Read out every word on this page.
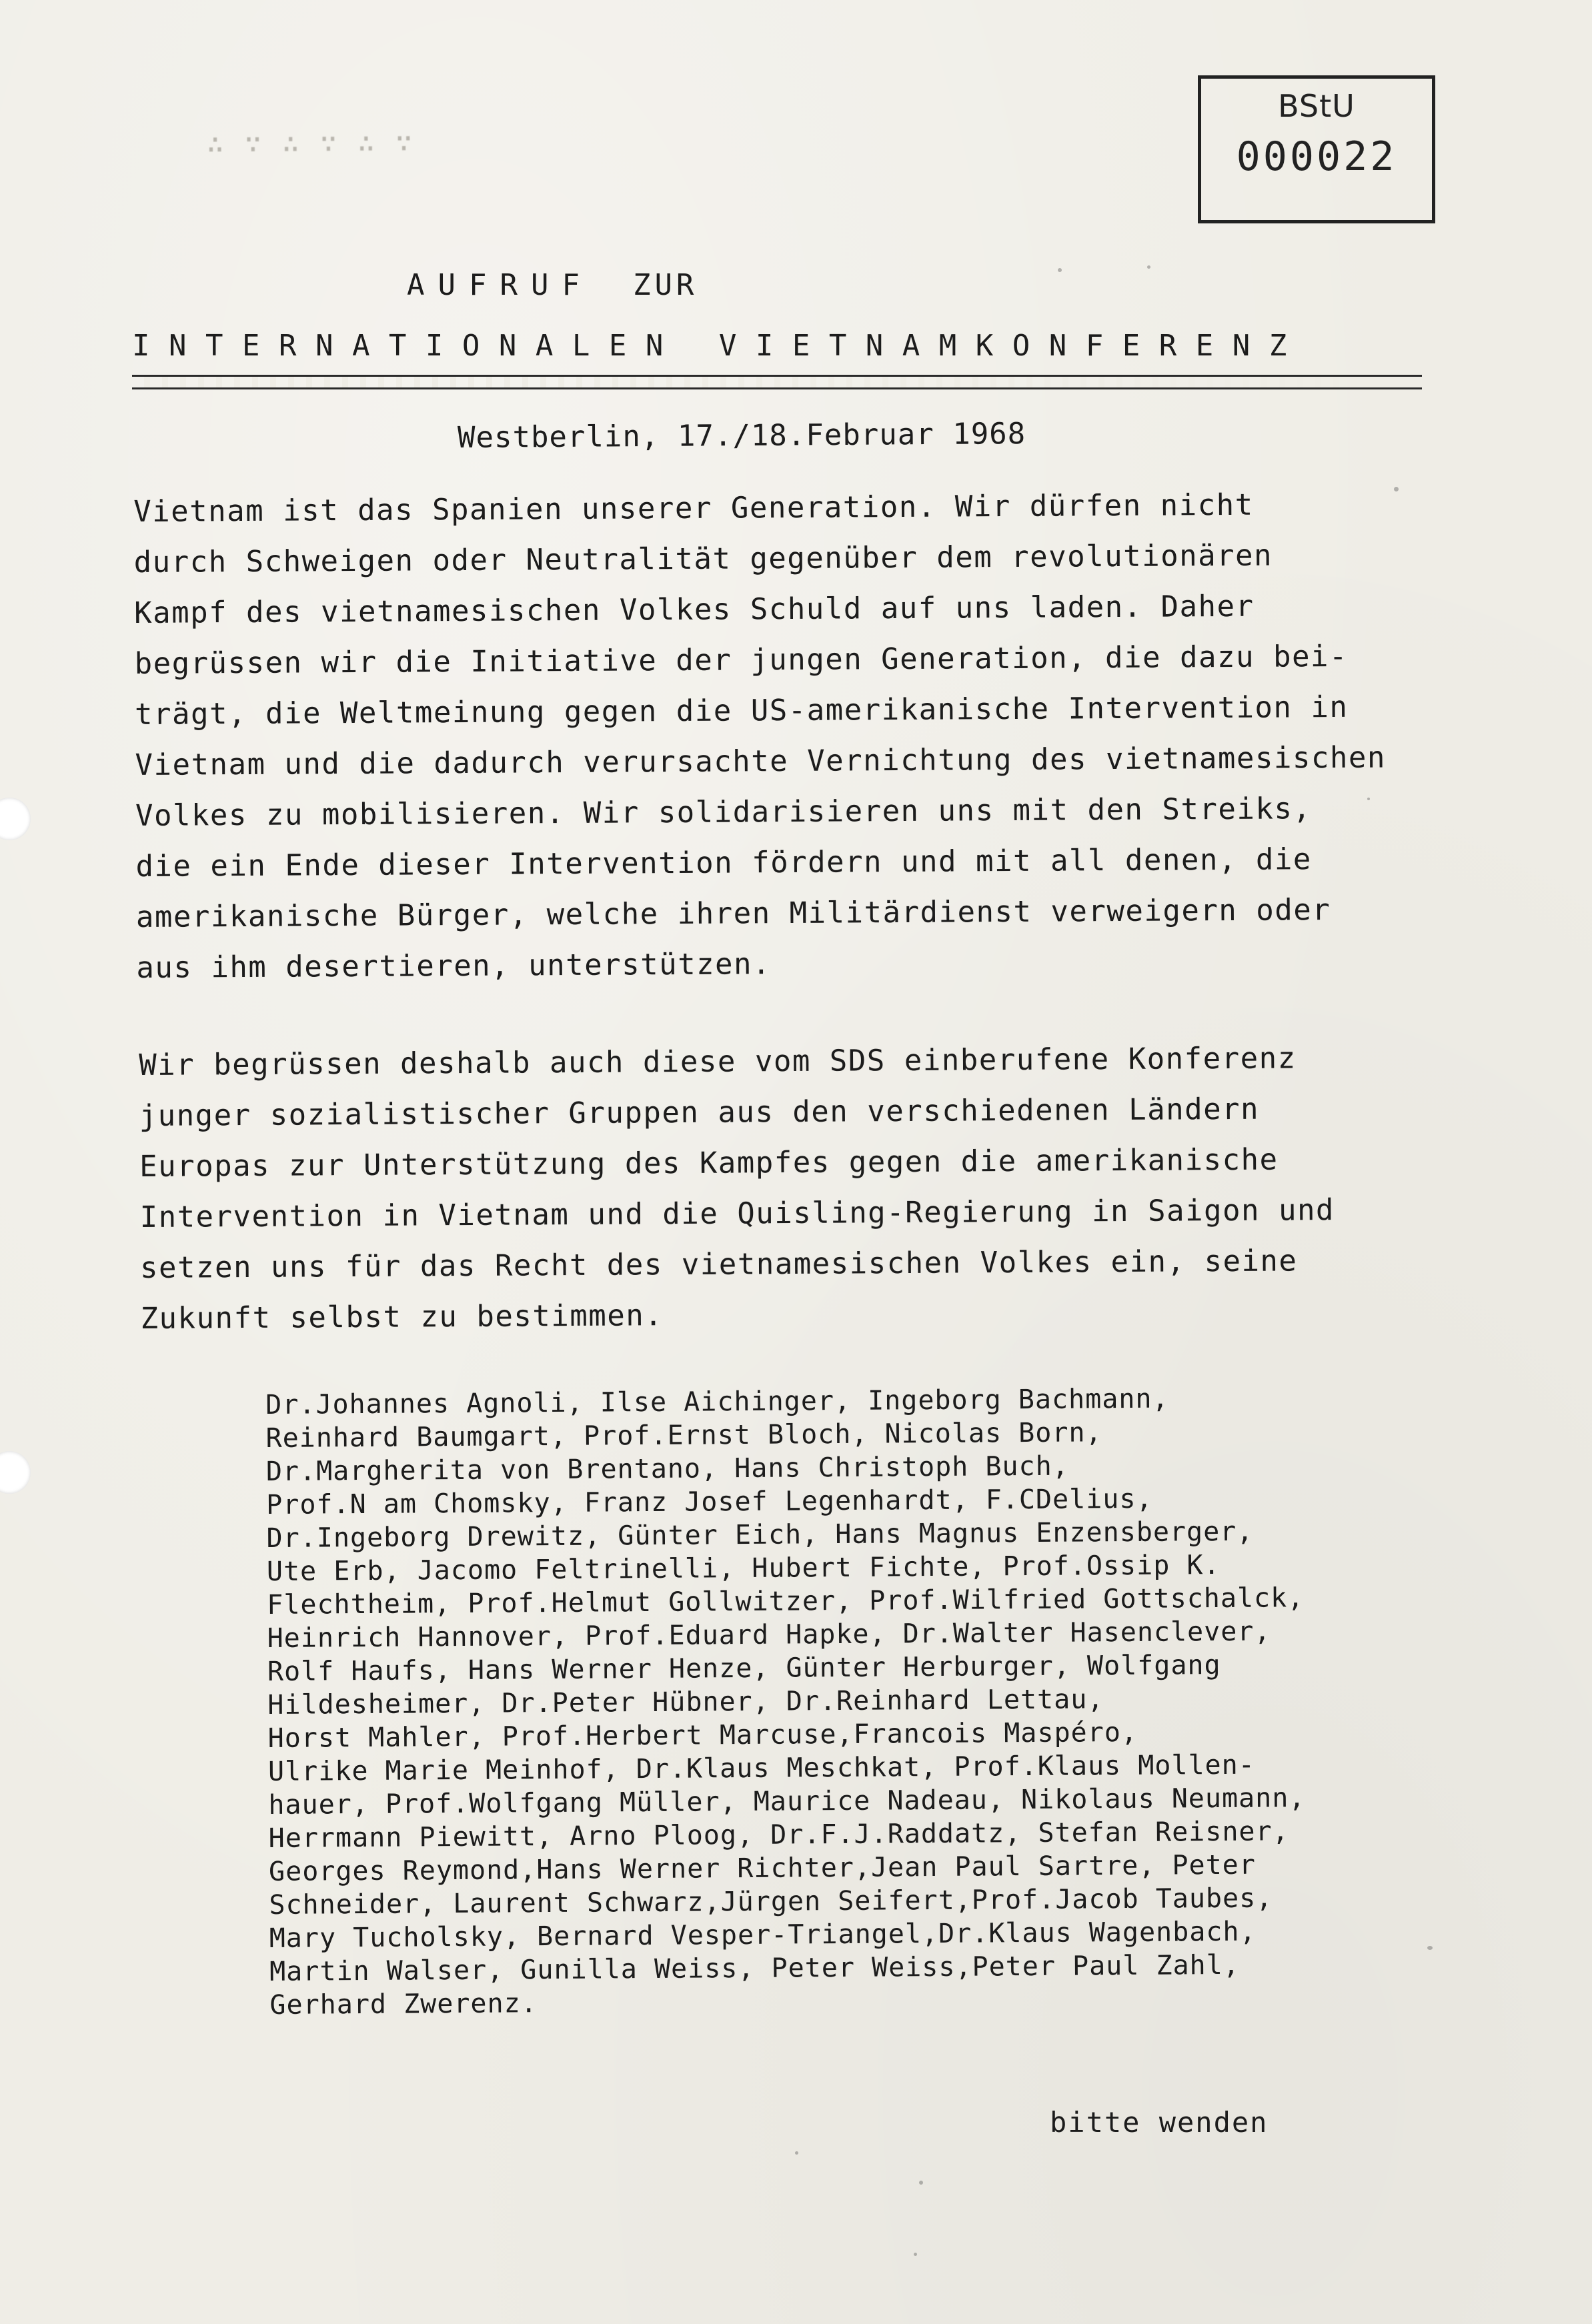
BStU
000022
∴ ∵ ∴ ∵ ∴ ∵
AUFRUF ZUR
INTERNATIONALEN VIETNAMKONFERENZ
Westberlin, 17./18.Februar 1968
Vietnam ist das Spanien unserer Generation. Wir dürfen nicht
durch Schweigen oder Neutralität gegenüber dem revolutionären
Kampf des vietnamesischen Volkes Schuld auf uns laden. Daher
begrüssen wir die Initiative der jungen Generation, die dazu bei-
trägt, die Weltmeinung gegen die US-amerikanische Intervention in
Vietnam und die dadurch verursachte Vernichtung des vietnamesischen
Volkes zu mobilisieren. Wir solidarisieren uns mit den Streiks,
die ein Ende dieser Intervention fördern und mit all denen, die
amerikanische Bürger, welche ihren Militärdienst verweigern oder
aus ihm desertieren, unterstützen.
Wir begrüssen deshalb auch diese vom SDS einberufene Konferenz
junger sozialistischer Gruppen aus den verschiedenen Ländern
Europas zur Unterstützung des Kampfes gegen die amerikanische
Intervention in Vietnam und die Quisling-Regierung in Saigon und
setzen uns für das Recht des vietnamesischen Volkes ein, seine
Zukunft selbst zu bestimmen.
Dr.Johannes Agnoli, Ilse Aichinger, Ingeborg Bachmann,
Reinhard Baumgart, Prof.Ernst Bloch, Nicolas Born,
Dr.Margherita von Brentano, Hans Christoph Buch,
Prof.N am Chomsky, Franz Josef Legenhardt, F.CDelius,
Dr.Ingeborg Drewitz, Günter Eich, Hans Magnus Enzensberger,
Ute Erb, Jacomo Feltrinelli, Hubert Fichte, Prof.Ossip K.
Flechtheim, Prof.Helmut Gollwitzer, Prof.Wilfried Gottschalck,
Heinrich Hannover, Prof.Eduard Hapke, Dr.Walter Hasenclever,
Rolf Haufs, Hans Werner Henze, Günter Herburger, Wolfgang
Hildesheimer, Dr.Peter Hübner, Dr.Reinhard Lettau,
Horst Mahler, Prof.Herbert Marcuse,Francois Maspéro,
Ulrike Marie Meinhof, Dr.Klaus Meschkat, Prof.Klaus Mollen-
hauer, Prof.Wolfgang Müller, Maurice Nadeau, Nikolaus Neumann,
Herrmann Piewitt, Arno Ploog, Dr.F.J.Raddatz, Stefan Reisner,
Georges Reymond,Hans Werner Richter,Jean Paul Sartre, Peter
Schneider, Laurent Schwarz,Jürgen Seifert,Prof.Jacob Taubes,
Mary Tucholsky, Bernard Vesper-Triangel,Dr.Klaus Wagenbach,
Martin Walser, Gunilla Weiss, Peter Weiss,Peter Paul Zahl,
Gerhard Zwerenz.
bitte wenden
